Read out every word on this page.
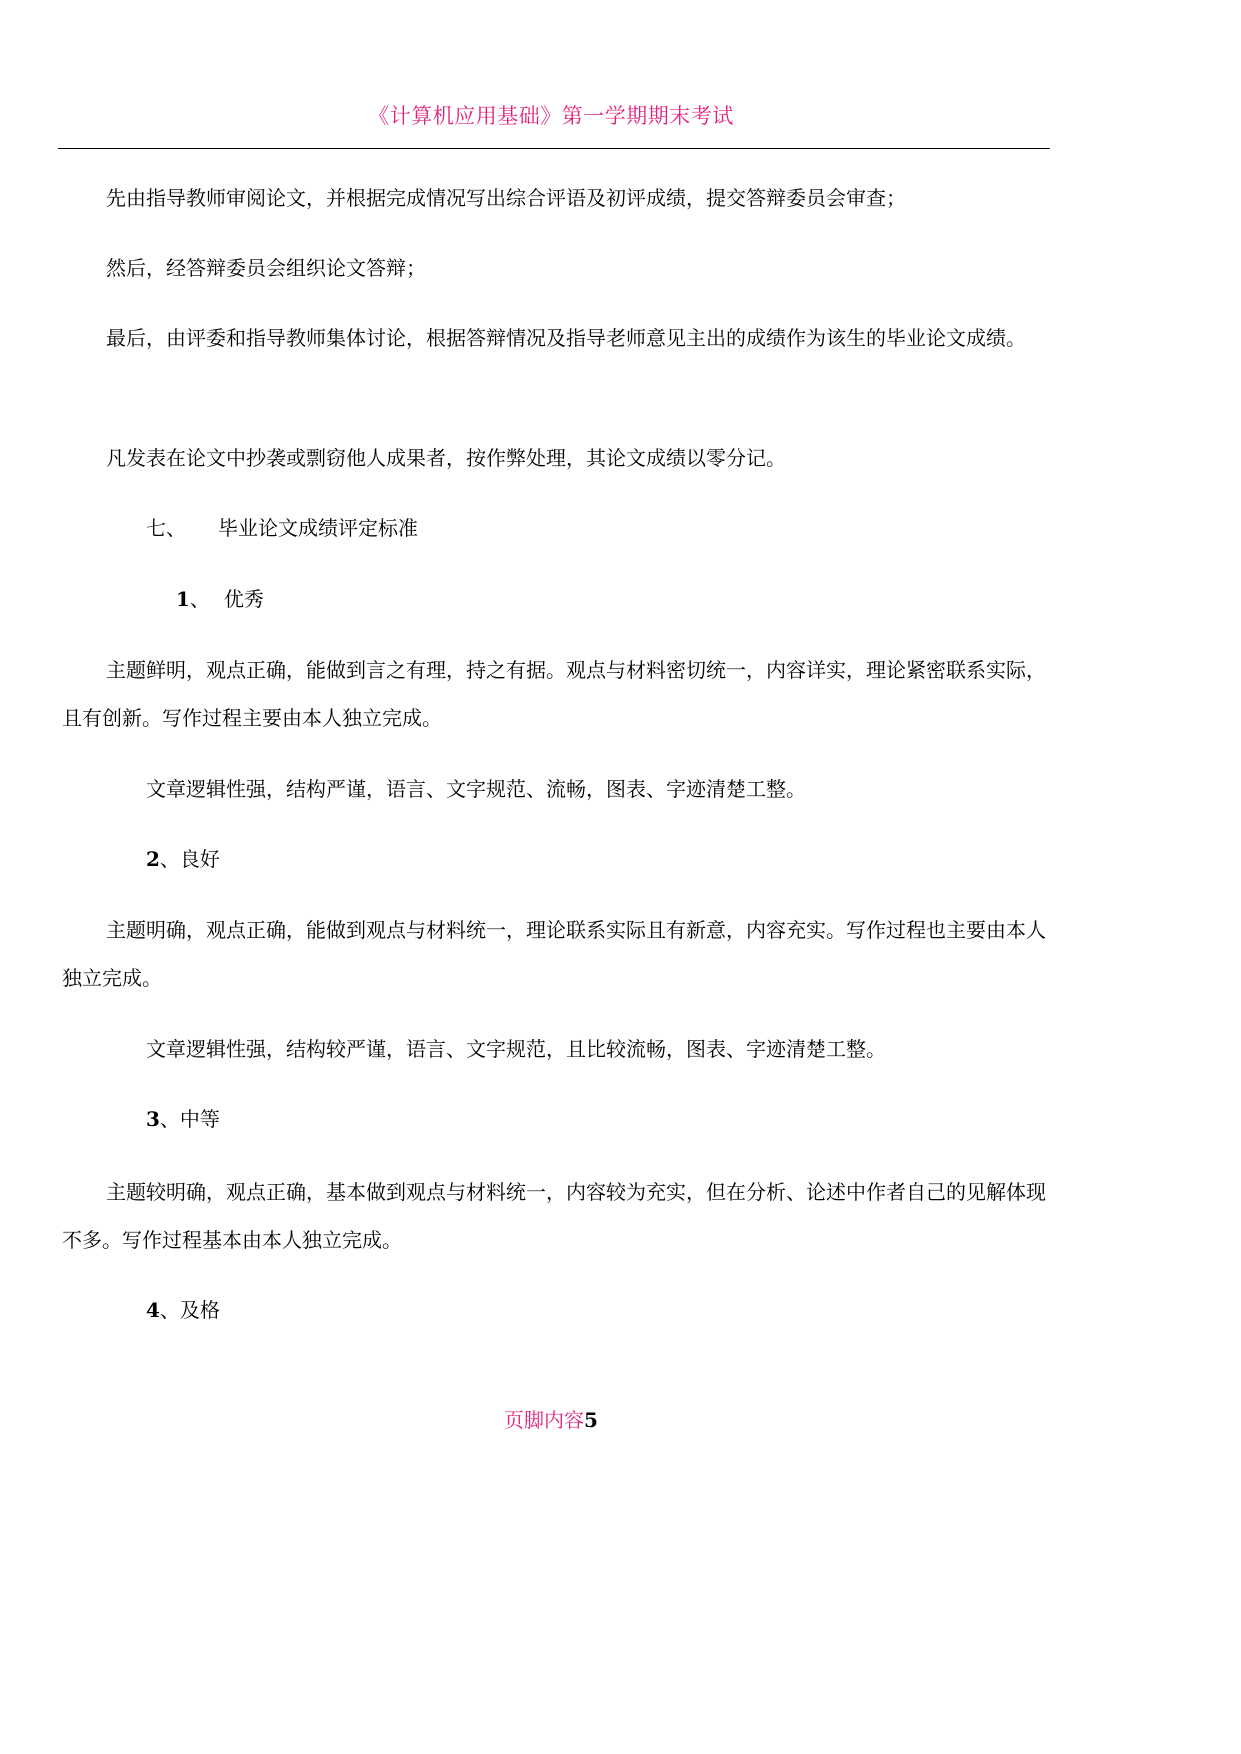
《计算机应用基础》第一学期期末考试

先由指导教师审阅论文，并根据完成情况写出综合评语及初评成绩，提交答辩委员会审查；

然后，经答辩委员会组织论文答辩；

最后，由评委和指导教师集体讨论，根据答辩情况及指导老师意见主出的成绩作为该生的毕业论文成绩。

凡发表在论文中抄袭或剽窃他人成果者，按作弊处理，其论文成绩以零分记。

七、 毕业论文成绩评定标准
1、 优秀

主题鲜明，观点正确，能做到言之有理，持之有据。观点与材料密切统一，内容详实，理论紧密联系实际，且有创新。写作过程主要由本人独立完成。

文章逻辑性强，结构严谨，语言、文字规范、流畅，图表、字迹清楚工整。
2、良好

主题明确，观点正确，能做到观点与材料统一，理论联系实际且有新意，内容充实。写作过程也主要由本人独立完成。

文章逻辑性强，结构较严谨，语言、文字规范，且比较流畅，图表、字迹清楚工整。
3、中等

主题较明确，观点正确，基本做到观点与材料统一，内容较为充实，但在分析、论述中作者自己的见解体现不多。写作过程基本由本人独立完成。

4、及格
页脚内容5
